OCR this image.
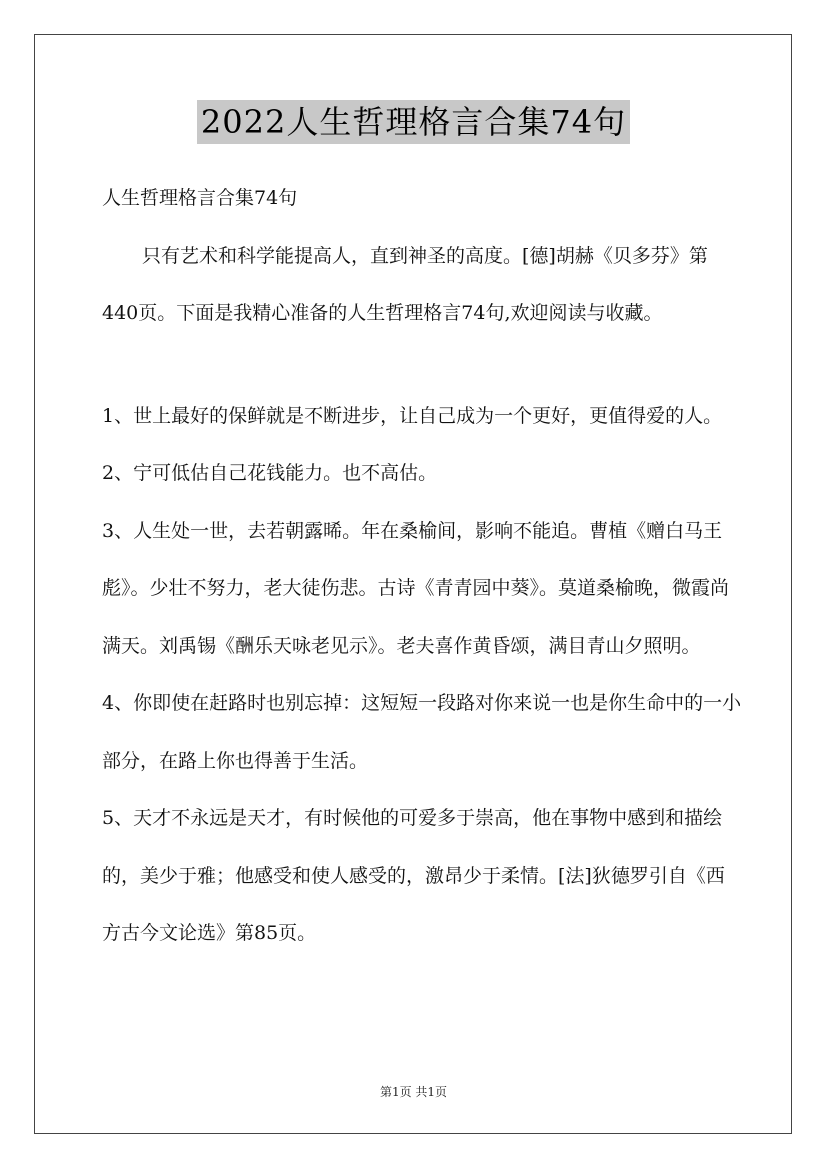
2022人生哲理格言合集74句

人生哲理格言合集74句

只有艺术和科学能提高人，直到神圣的高度。[德]胡赫《贝多芬》第440页。下面是我精心准备的人生哲理格言74句,欢迎阅读与收藏。

1、世上最好的保鲜就是不断进步，让自己成为一个更好，更值得爱的人。

2、宁可低估自己花钱能力。也不高估。

3、人生处一世，去若朝露晞。年在桑榆间，影响不能追。曹植《赠白马王彪》。少壮不努力，老大徒伤悲。古诗《青青园中葵》。莫道桑榆晚，微霞尚满天。刘禹锡《酬乐天咏老见示》。老夫喜作黄昏颂，满目青山夕照明。

4、你即使在赶路时也别忘掉：这短短一段路对你来说一也是你生命中的一小部分，在路上你也得善于生活。

5、天才不永远是天才，有时候他的可爱多于崇高，他在事物中感到和描绘的，美少于雅；他感受和使人感受的，激昂少于柔情。[法]狄德罗引自《西方古今文论选》第85页。

第1页 共1页
